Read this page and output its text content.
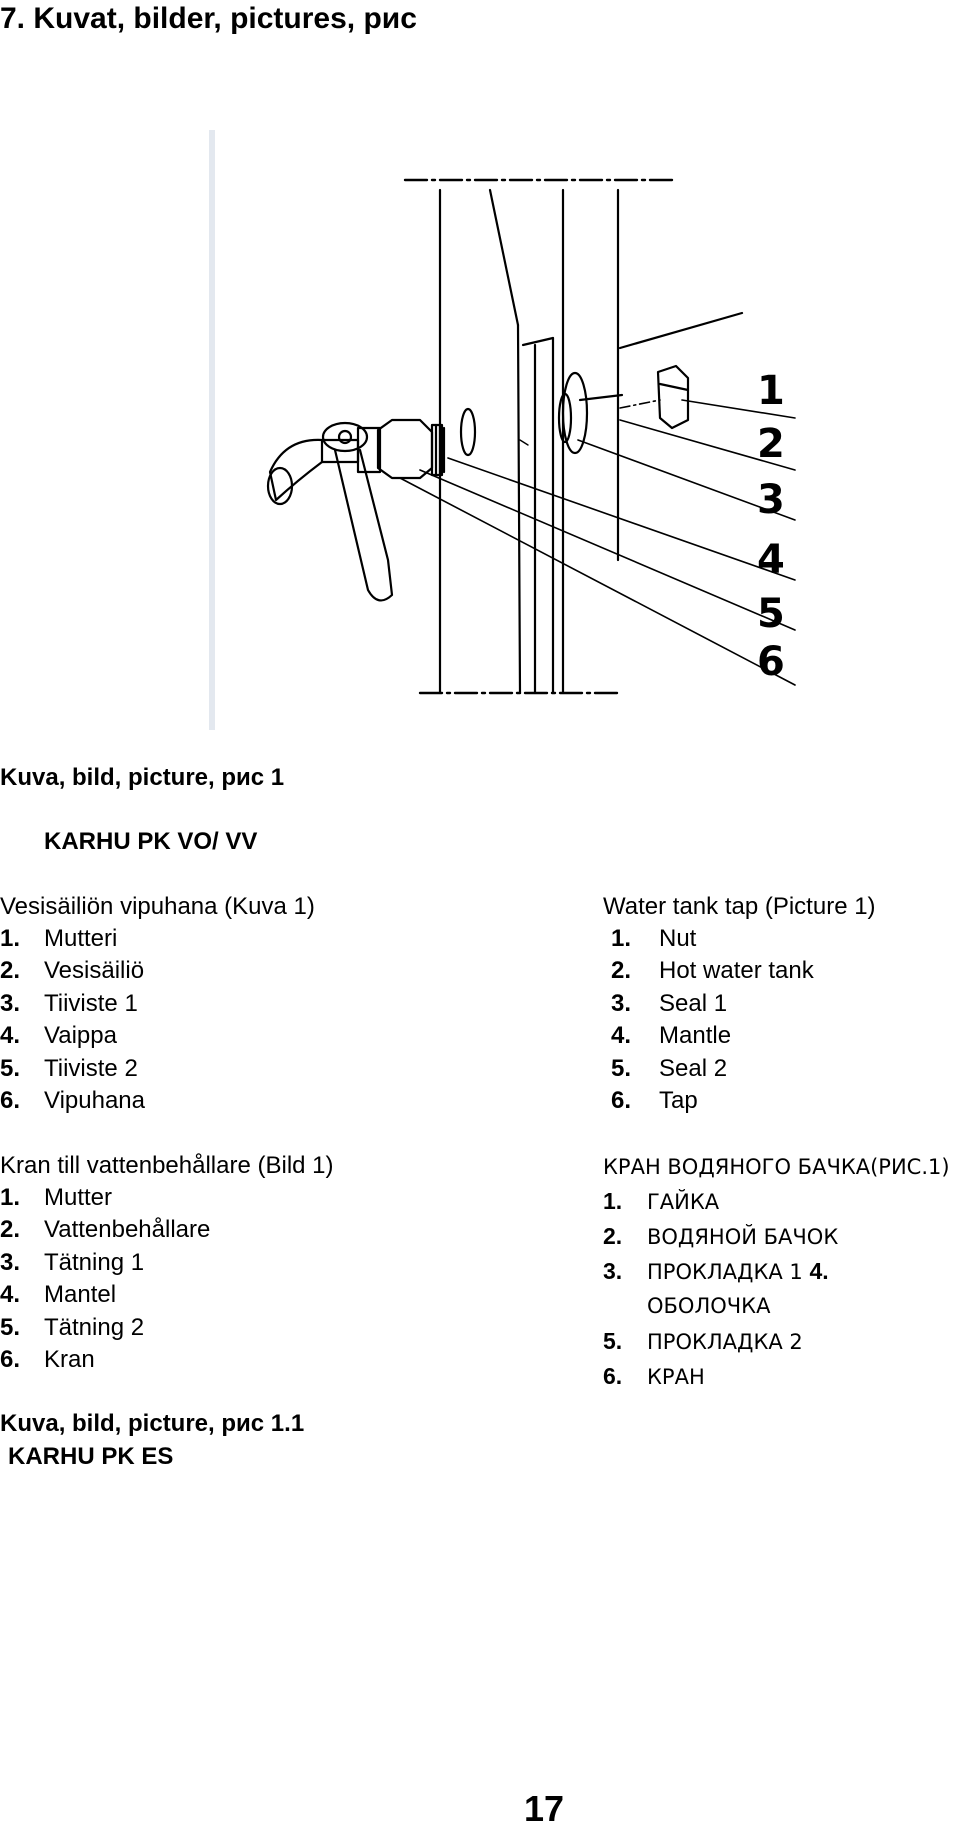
7. Kuvat, bilder, pictures, рис
1
2
3
4
5
6
Kuva, bild, picture, рис 1
KARHU PK VO/ VV
Vesisäiliön vipuhana (Kuva 1)
1. Mutteri
2. Vesisäiliö
3. Tiiviste 1
4. Vaippa
5. Tiiviste 2
6. Vipuhana
Water tank tap (Picture 1)
1. Nut
2. Hot water tank
3. Seal 1
4. Mantle
5. Seal 2
6. Tap
Kran till vattenbehållare (Bild 1)
1. Mutter
2. Vattenbehållare
3. Tätning 1
4. Mantel
5. Tätning 2
6. Kran
КРАН ВОДЯНОГО БАЧКА(РИС.1)
1. ГАЙКА
2. ВОДЯНОЙ БАЧОК
3. ПРОКЛАДКА 1 4.
ОБОЛОЧКА
5. ПРОКЛАДКА 2
6. КРАН
Kuva, bild, picture, рис 1.1
KARHU PK ES
17
